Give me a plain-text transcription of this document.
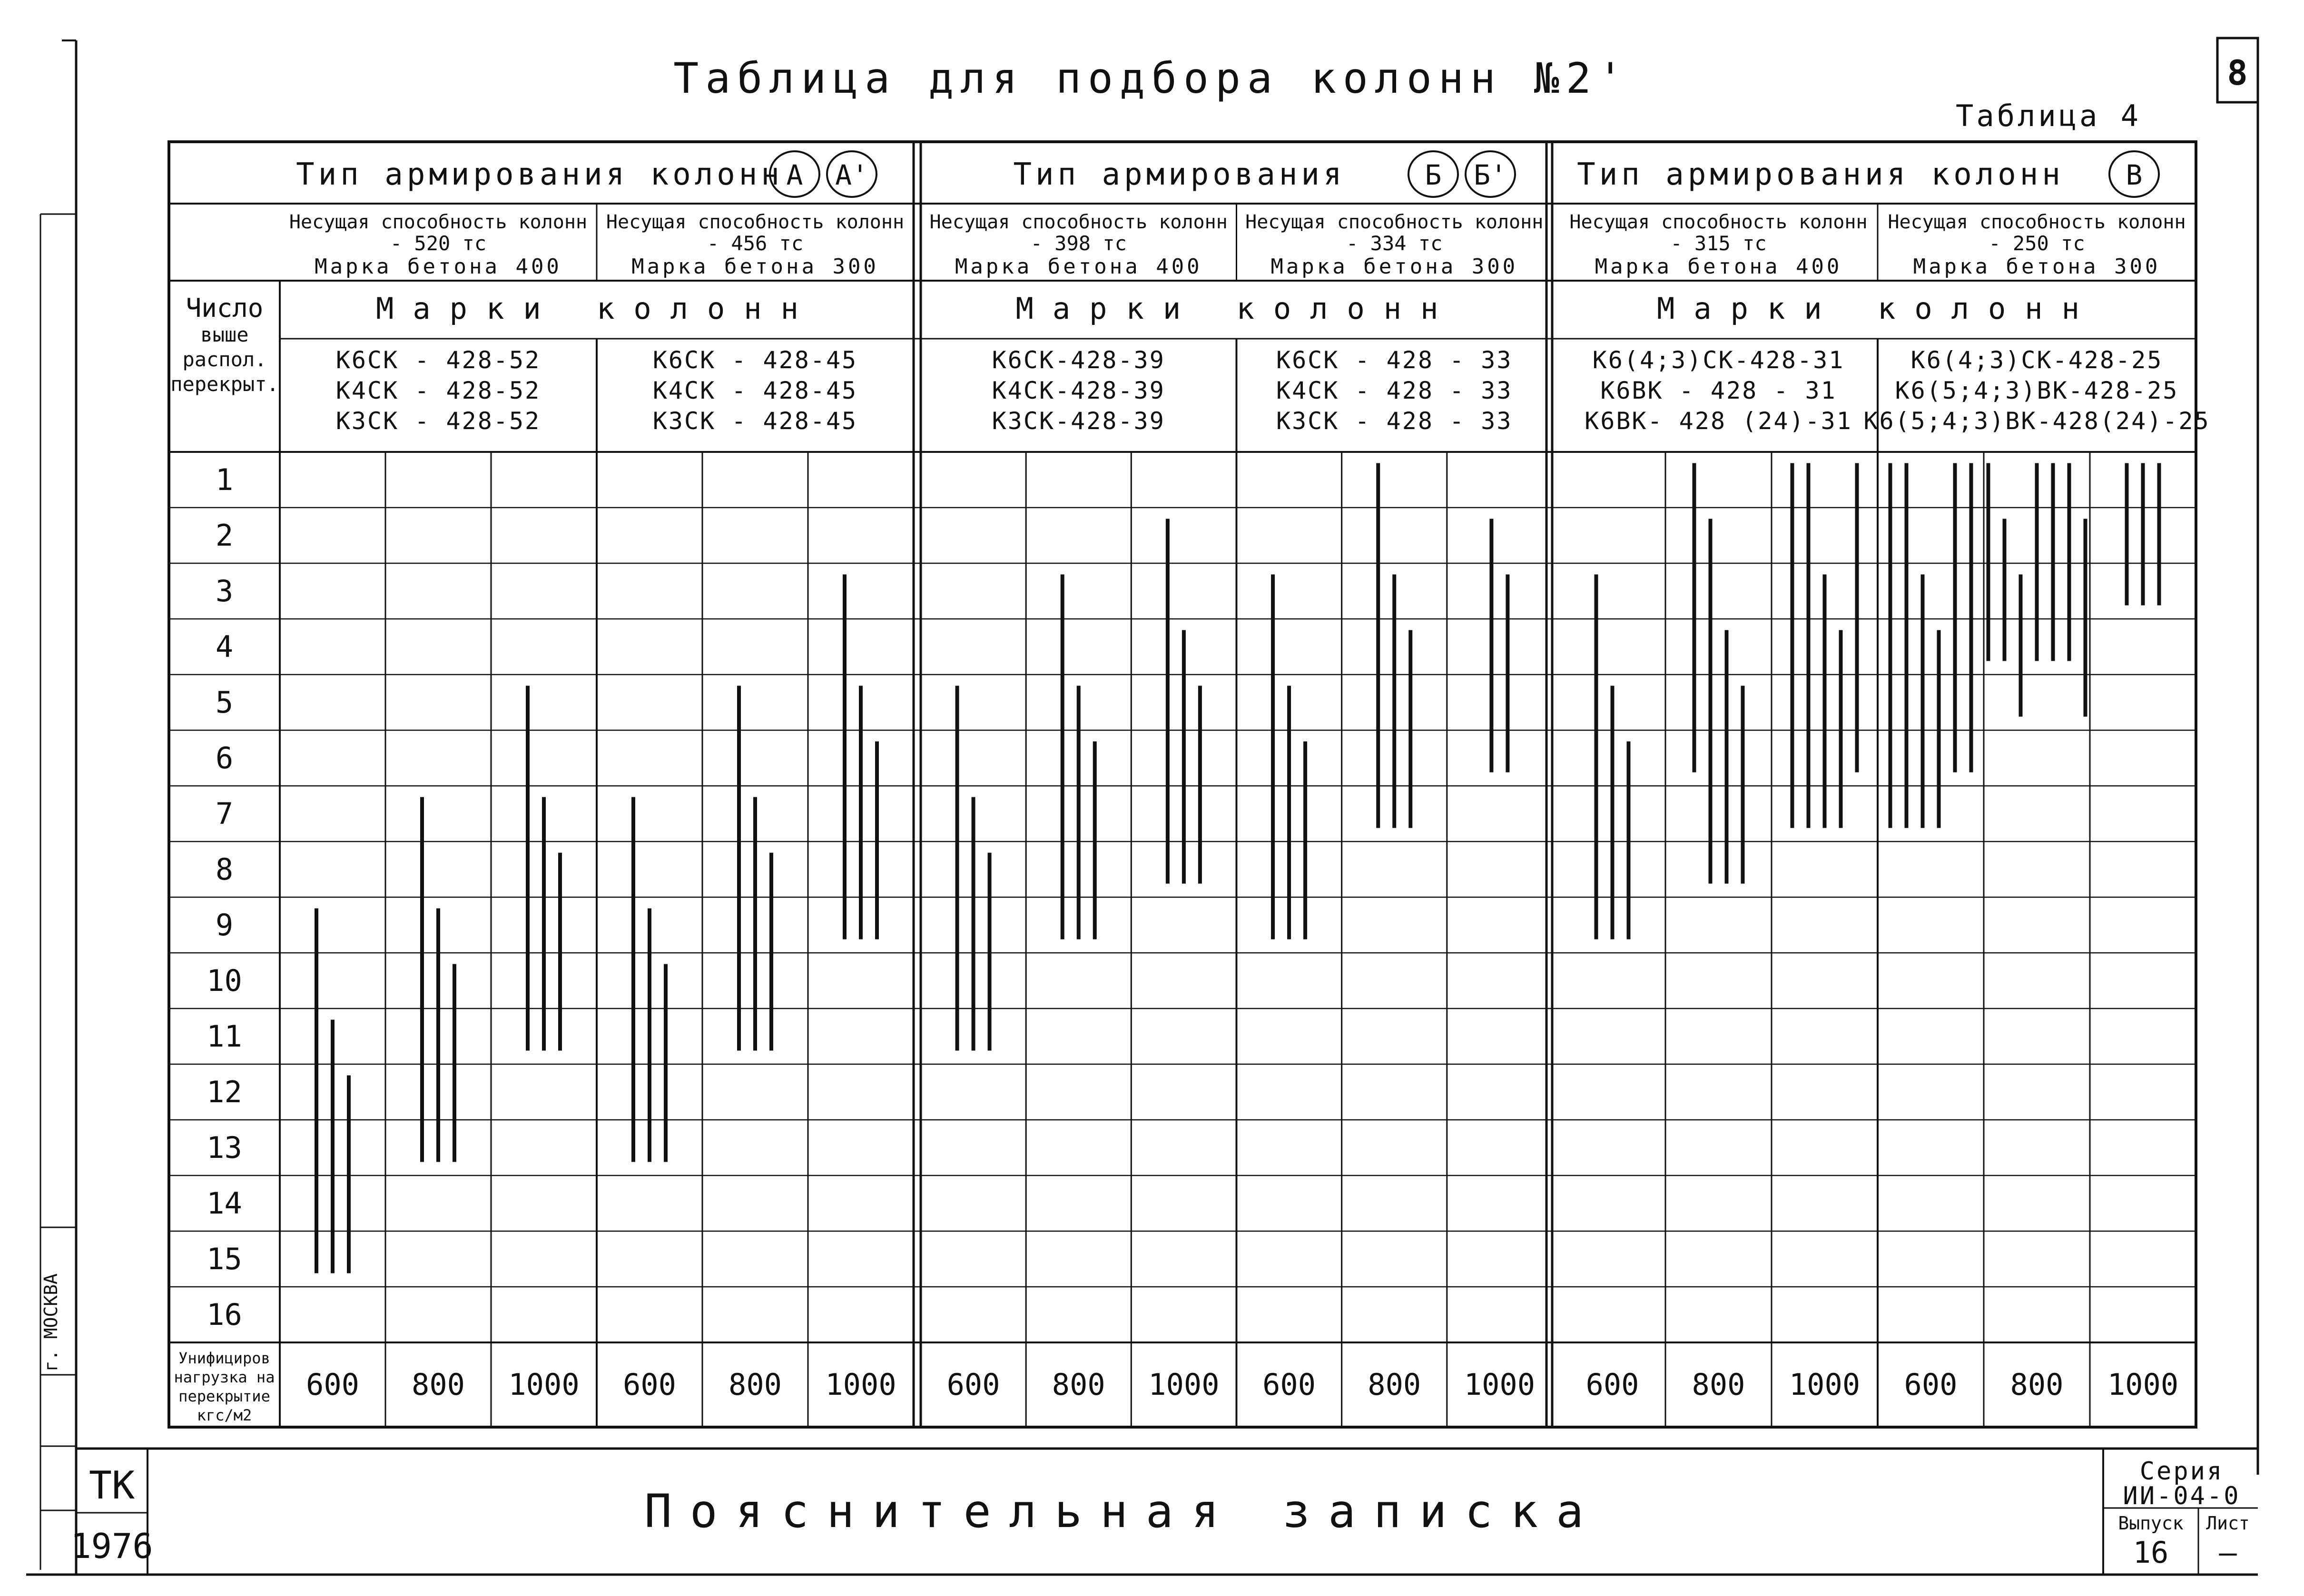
8
Таблица для подбора колонн №2'
Таблица 4
г. МОСКВА
Несущая способность колонн
- 520 тс
Марка бетона 400
К6СК - 428-52
К4СК - 428-52
К3СК - 428-52
Несущая способность колонн
- 456 тс
Марка бетона 300
К6СК - 428-45
К4СК - 428-45
К3СК - 428-45
Тип армирования колонн А А'
Марки колонн
Несущая способность колонн
- 398 тс
Марка бетона 400
К6СК-428-39
К4СК-428-39
К3СК-428-39
Несущая способность колонн
- 334 тс
Марка бетона 300
К6СК - 428 - 33
К4СК - 428 - 33
К3СК - 428 - 33
Тип армирования	Б Б'
Марки колонн
Несущая способность колонн
- 315 тс
Марка бетона 400
К6(4;3)СК-428-31
К6ВК - 428 - 31
К6ВК- 428 (24)-31
Несущая способность колонн
- 250 тс
Марка бетона 300
К6(4;3)СК-428-25
К6(5;4;3)ВК-428-25
К6(5;4;3)ВК-428(24)-25
Тип армирования колонн В
Марки колонн
Число
выше
распол.
перекрыт.
1
2
3
4
5
6
7
8
9
10
11
12
13
14
15
16
Унифициров
нагрузка на
перекрытие
кгс/м2
600 800 1000 600 800 1000 600 800 1000 600 800 1000 600 800 1000 600 800 1000
ТК
1976
Пояснительная записка
Серия
ИИ-04-0
Выпуск
16
Лист
–
